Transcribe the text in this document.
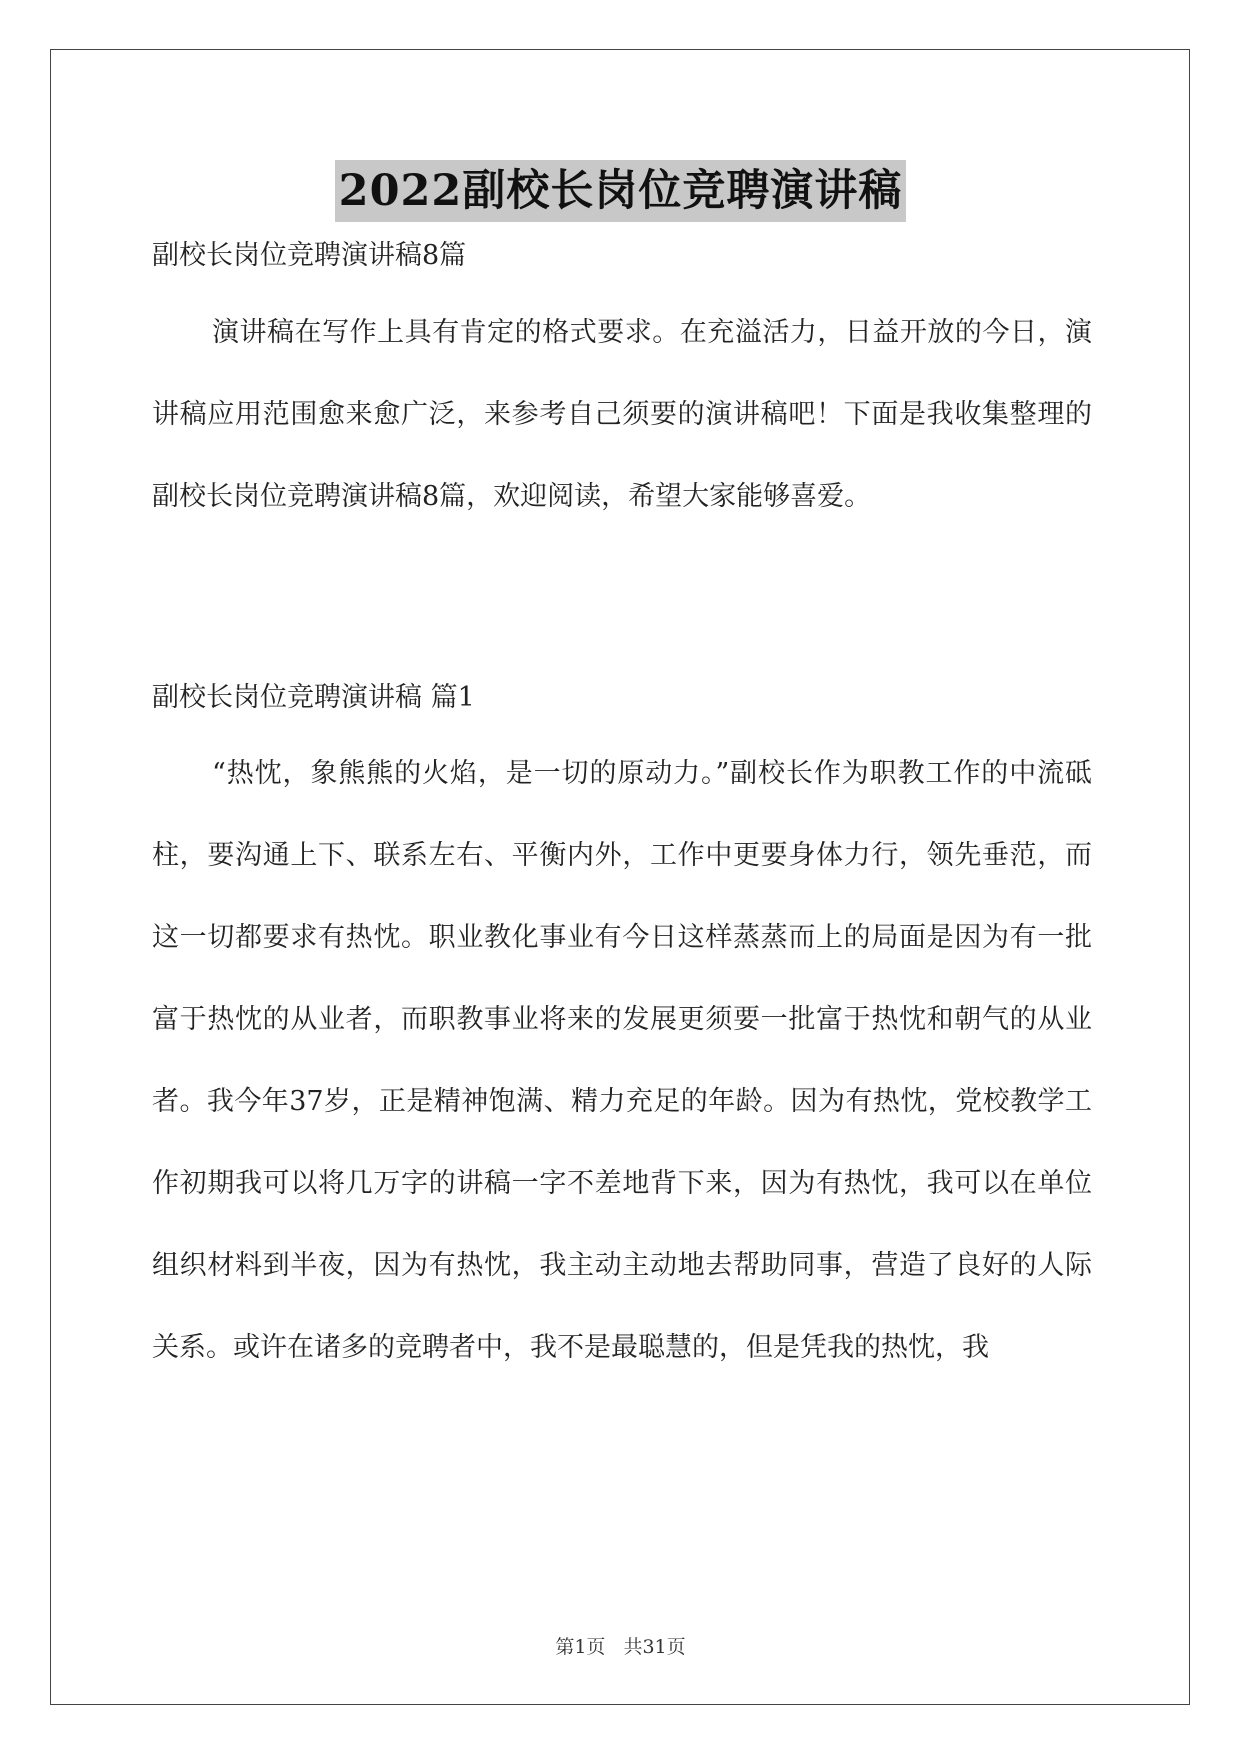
2022副校长岗位竞聘演讲稿
副校长岗位竞聘演讲稿8篇

演讲稿在写作上具有肯定的格式要求。在充溢活力，日益开放的今日，演讲稿应用范围愈来愈广泛，来参考自己须要的演讲稿吧！下面是我收集整理的副校长岗位竞聘演讲稿8篇，欢迎阅读，希望大家能够喜爱。

副校长岗位竞聘演讲稿 篇1

“热忱，象熊熊的火焰，是一切的原动力。”副校长作为职教工作的中流砥柱，要沟通上下、联系左右、平衡内外，工作中更要身体力行，领先垂范，而这一切都要求有热忱。职业教化事业有今日这样蒸蒸而上的局面是因为有一批富于热忱的从业者，而职教事业将来的发展更须要一批富于热忱和朝气的从业者。我今年37岁，正是精神饱满、精力充足的年龄。因为有热忱，党校教学工作初期我可以将几万字的讲稿一字不差地背下来，因为有热忱，我可以在单位组织材料到半夜，因为有热忱，我主动主动地去帮助同事，营造了良好的人际关系。或许在诸多的竞聘者中，我不是最聪慧的，但是凭我的热忱，我

第1页 共31页
